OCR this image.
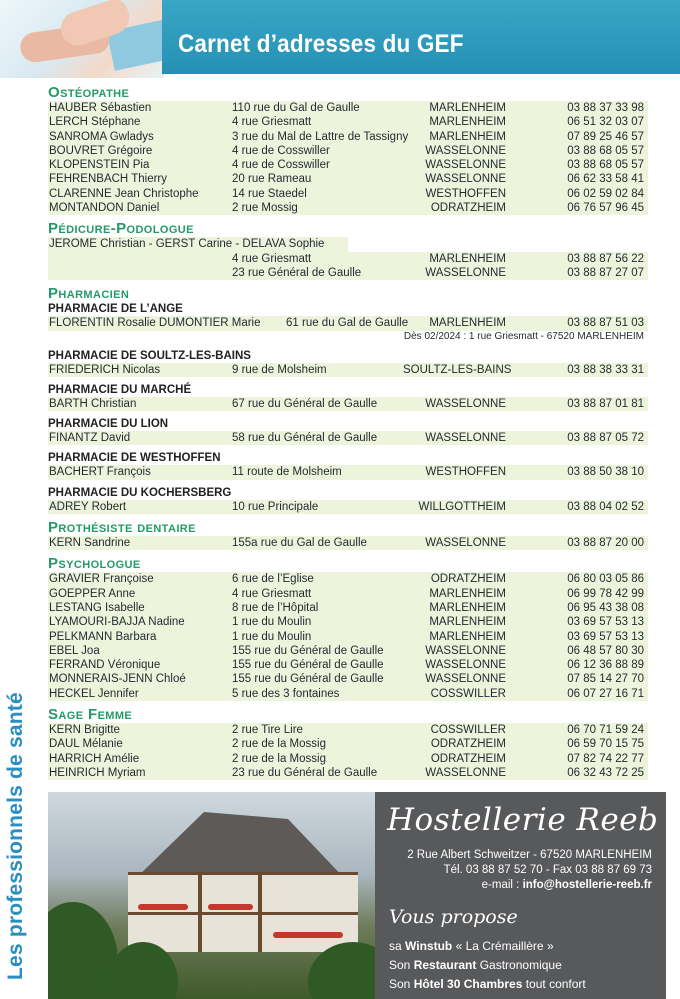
Carnet d’adresses du GEF
Les professionnels de santé
Ostéopathe
HAUBER Sébastien	110 rue du Gal de Gaulle	MARLENHEIM	03 88 37 33 98
LERCH Stéphane	4 rue Griesmatt	MARLENHEIM	06 51 32 03 07
SANROMA Gwladys	3 rue du Mal de Lattre de Tassigny	MARLENHEIM	07 89 25 46 57
BOUVRET Grégoire	4 rue de Cosswiller	WASSELONNE	03 88 68 05 57
KLOPENSTEIN Pia	4 rue de Cosswiller	WASSELONNE	03 88 68 05 57
FEHRENBACH Thierry	20 rue Rameau	WASSELONNE	06 62 33 58 41
CLARENNE Jean Christophe	14 rue Staedel	WESTHOFFEN	06 02 59 02 84
MONTANDON Daniel	2 rue Mossig	ODRATZHEIM	06 76 57 96 45
Pédicure-Podologue
JEROME Christian - GERST Carine - DELAVA Sophie
4 rue Griesmatt	MARLENHEIM	03 88 87 56 22
23 rue Général de Gaulle	WASSELONNE	03 88 87 27 07
Pharmacien
PHARMACIE DE L’ANGE
FLORENTIN Rosalie DUMONTIER Marie 61 rue du Gal de Gaulle	MARLENHEIM	03 88 87 51 03
Dès 02/2024 : 1 rue Griesmatt - 67520 MARLENHEIM
PHARMACIE DE SOULTZ-LES-BAINS
FRIEDERICH Nicolas	9 rue de Molsheim	SOULTZ-LES-BAINS	03 88 38 33 31
PHARMACIE DU MARCHÉ
BARTH Christian	67 rue du Général de Gaulle	WASSELONNE	03 88 87 01 81
PHARMACIE DU LION
FINANTZ David	58 rue du Général de Gaulle	WASSELONNE	03 88 87 05 72
PHARMACIE DE WESTHOFFEN
BACHERT François	11 route de Molsheim	WESTHOFFEN	03 88 50 38 10
PHARMACIE DU KOCHERSBERG
ADREY Robert	10 rue Principale	WILLGOTTHEIM	03 88 04 02 52
Prothésiste dentaire
KERN Sandrine	155a rue du Gal de Gaulle	WASSELONNE	03 88 87 20 00
Psychologue
GRAVIER Françoise	6 rue de l’Eglise	ODRATZHEIM	06 80 03 05 86
GOEPPER Anne	4 rue Griesmatt	MARLENHEIM	06 99 78 42 99
LESTANG Isabelle	8 rue de l’Hôpital	MARLENHEIM	06 95 43 38 08
LYAMOURI-BAJJA Nadine	1 rue du Moulin	MARLENHEIM	03 69 57 53 13
PELKMANN Barbara	1 rue du Moulin	MARLENHEIM	03 69 57 53 13
EBEL Joa	155 rue du Général de Gaulle	WASSELONNE	06 48 57 80 30
FERRAND Véronique	155 rue du Général de Gaulle	WASSELONNE	06 12 36 88 89
MONNERAIS-JENN Chloé	155 rue du Général de Gaulle	WASSELONNE	07 85 14 27 70
HECKEL Jennifer	5 rue des 3 fontaines	COSSWILLER	06 07 27 16 71
Sage Femme
KERN Brigitte	2 rue Tire Lire	COSSWILLER	06 70 71 59 24
DAUL Mélanie	2 rue de la Mossig	ODRATZHEIM	06 59 70 15 75
HARRICH Amélie	2 rue de la Mossig	ODRATZHEIM	07 82 74 22 77
HEINRICH Myriam	23 rue du Général de Gaulle	WASSELONNE	06 32 43 72 25
Hostellerie Reeb
2 Rue Albert Schweitzer - 67520 MARLENHEIM
Tél. 03 88 87 52 70 - Fax 03 88 87 69 73
e-mail : info@hostellerie-reeb.fr
Vous propose
sa Winstub « La Crémaillère »
Son Restaurant Gastronomique
Son Hôtel 30 Chambres tout confort
